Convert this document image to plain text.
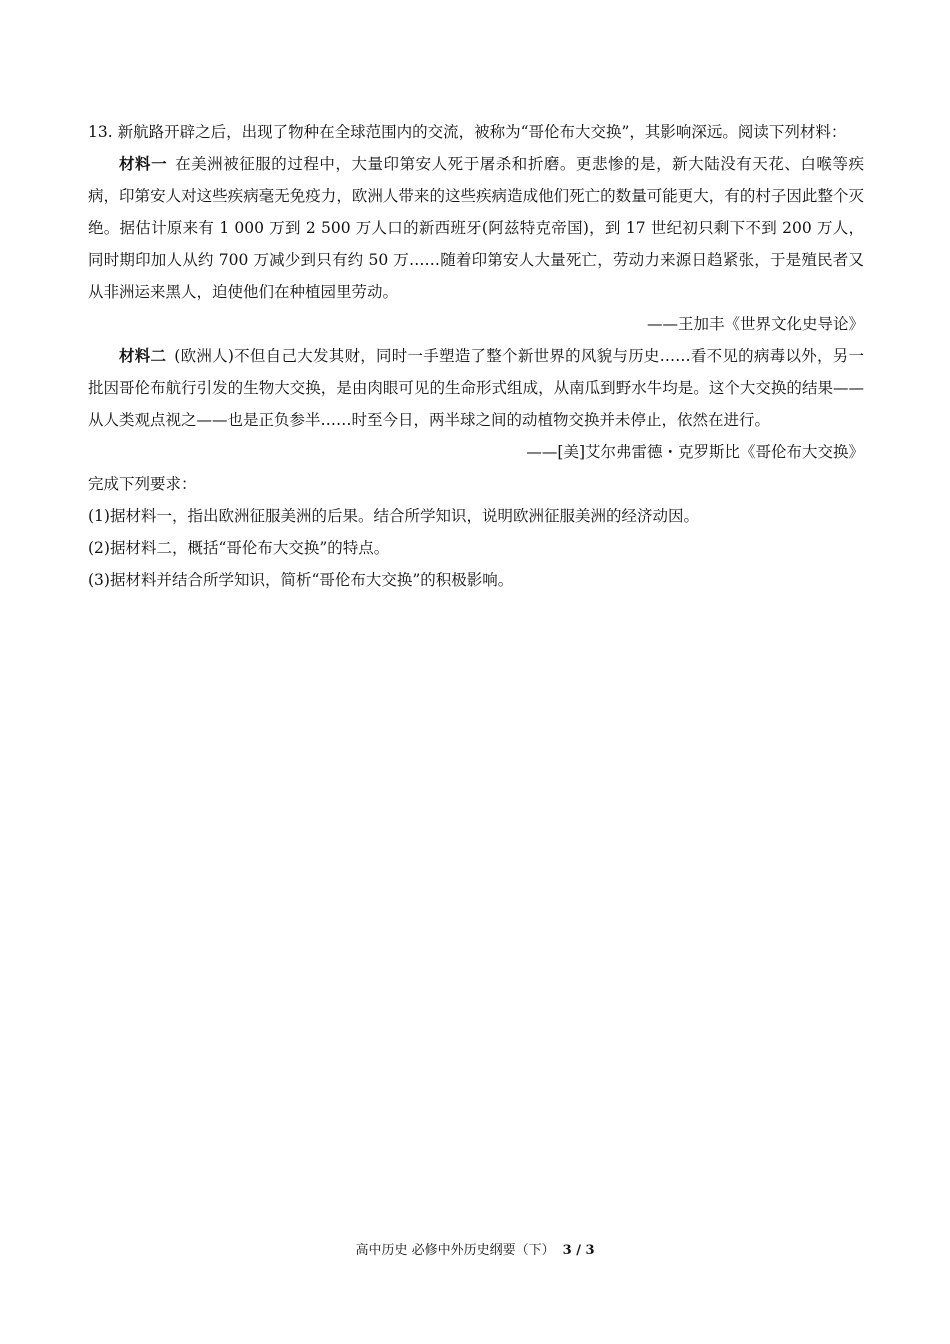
13. 新航路开辟之后，出现了物种在全球范围内的交流，被称为“哥伦布大交换”，其影响深远。阅读下列材料：

材料一 在美洲被征服的过程中，大量印第安人死于屠杀和折磨。更悲惨的是，新大陆没有天花、白喉等疾病，印第安人对这些疾病毫无免疫力，欧洲人带来的这些疾病造成他们死亡的数量可能更大，有的村子因此整个灭绝。据估计原来有 1 000 万到 2 500 万人口的新西班牙(阿兹特克帝国)，到 17 世纪初只剩下不到 200 万人，同时期印加人从约 700 万减少到只有约 50 万……随着印第安人大量死亡，劳动力来源日趋紧张，于是殖民者又从非洲运来黑人，迫使他们在种植园里劳动。

——王加丰《世界文化史导论》

材料二 (欧洲人)不但自己大发其财，同时一手塑造了整个新世界的风貌与历史……看不见的病毒以外，另一批因哥伦布航行引发的生物大交换，是由肉眼可见的生命形式组成，从南瓜到野水牛均是。这个大交换的结果——从人类观点视之——也是正负参半……时至今日，两半球之间的动植物交换并未停止，依然在进行。

——[美]艾尔弗雷德・克罗斯比《哥伦布大交换》

完成下列要求：

(1)据材料一，指出欧洲征服美洲的后果。结合所学知识，说明欧洲征服美洲的经济动因。

(2)据材料二，概括“哥伦布大交换”的特点。

(3)据材料并结合所学知识，简析“哥伦布大交换”的积极影响。

高中历史 必修中外历史纲要（下） 3 / 3
